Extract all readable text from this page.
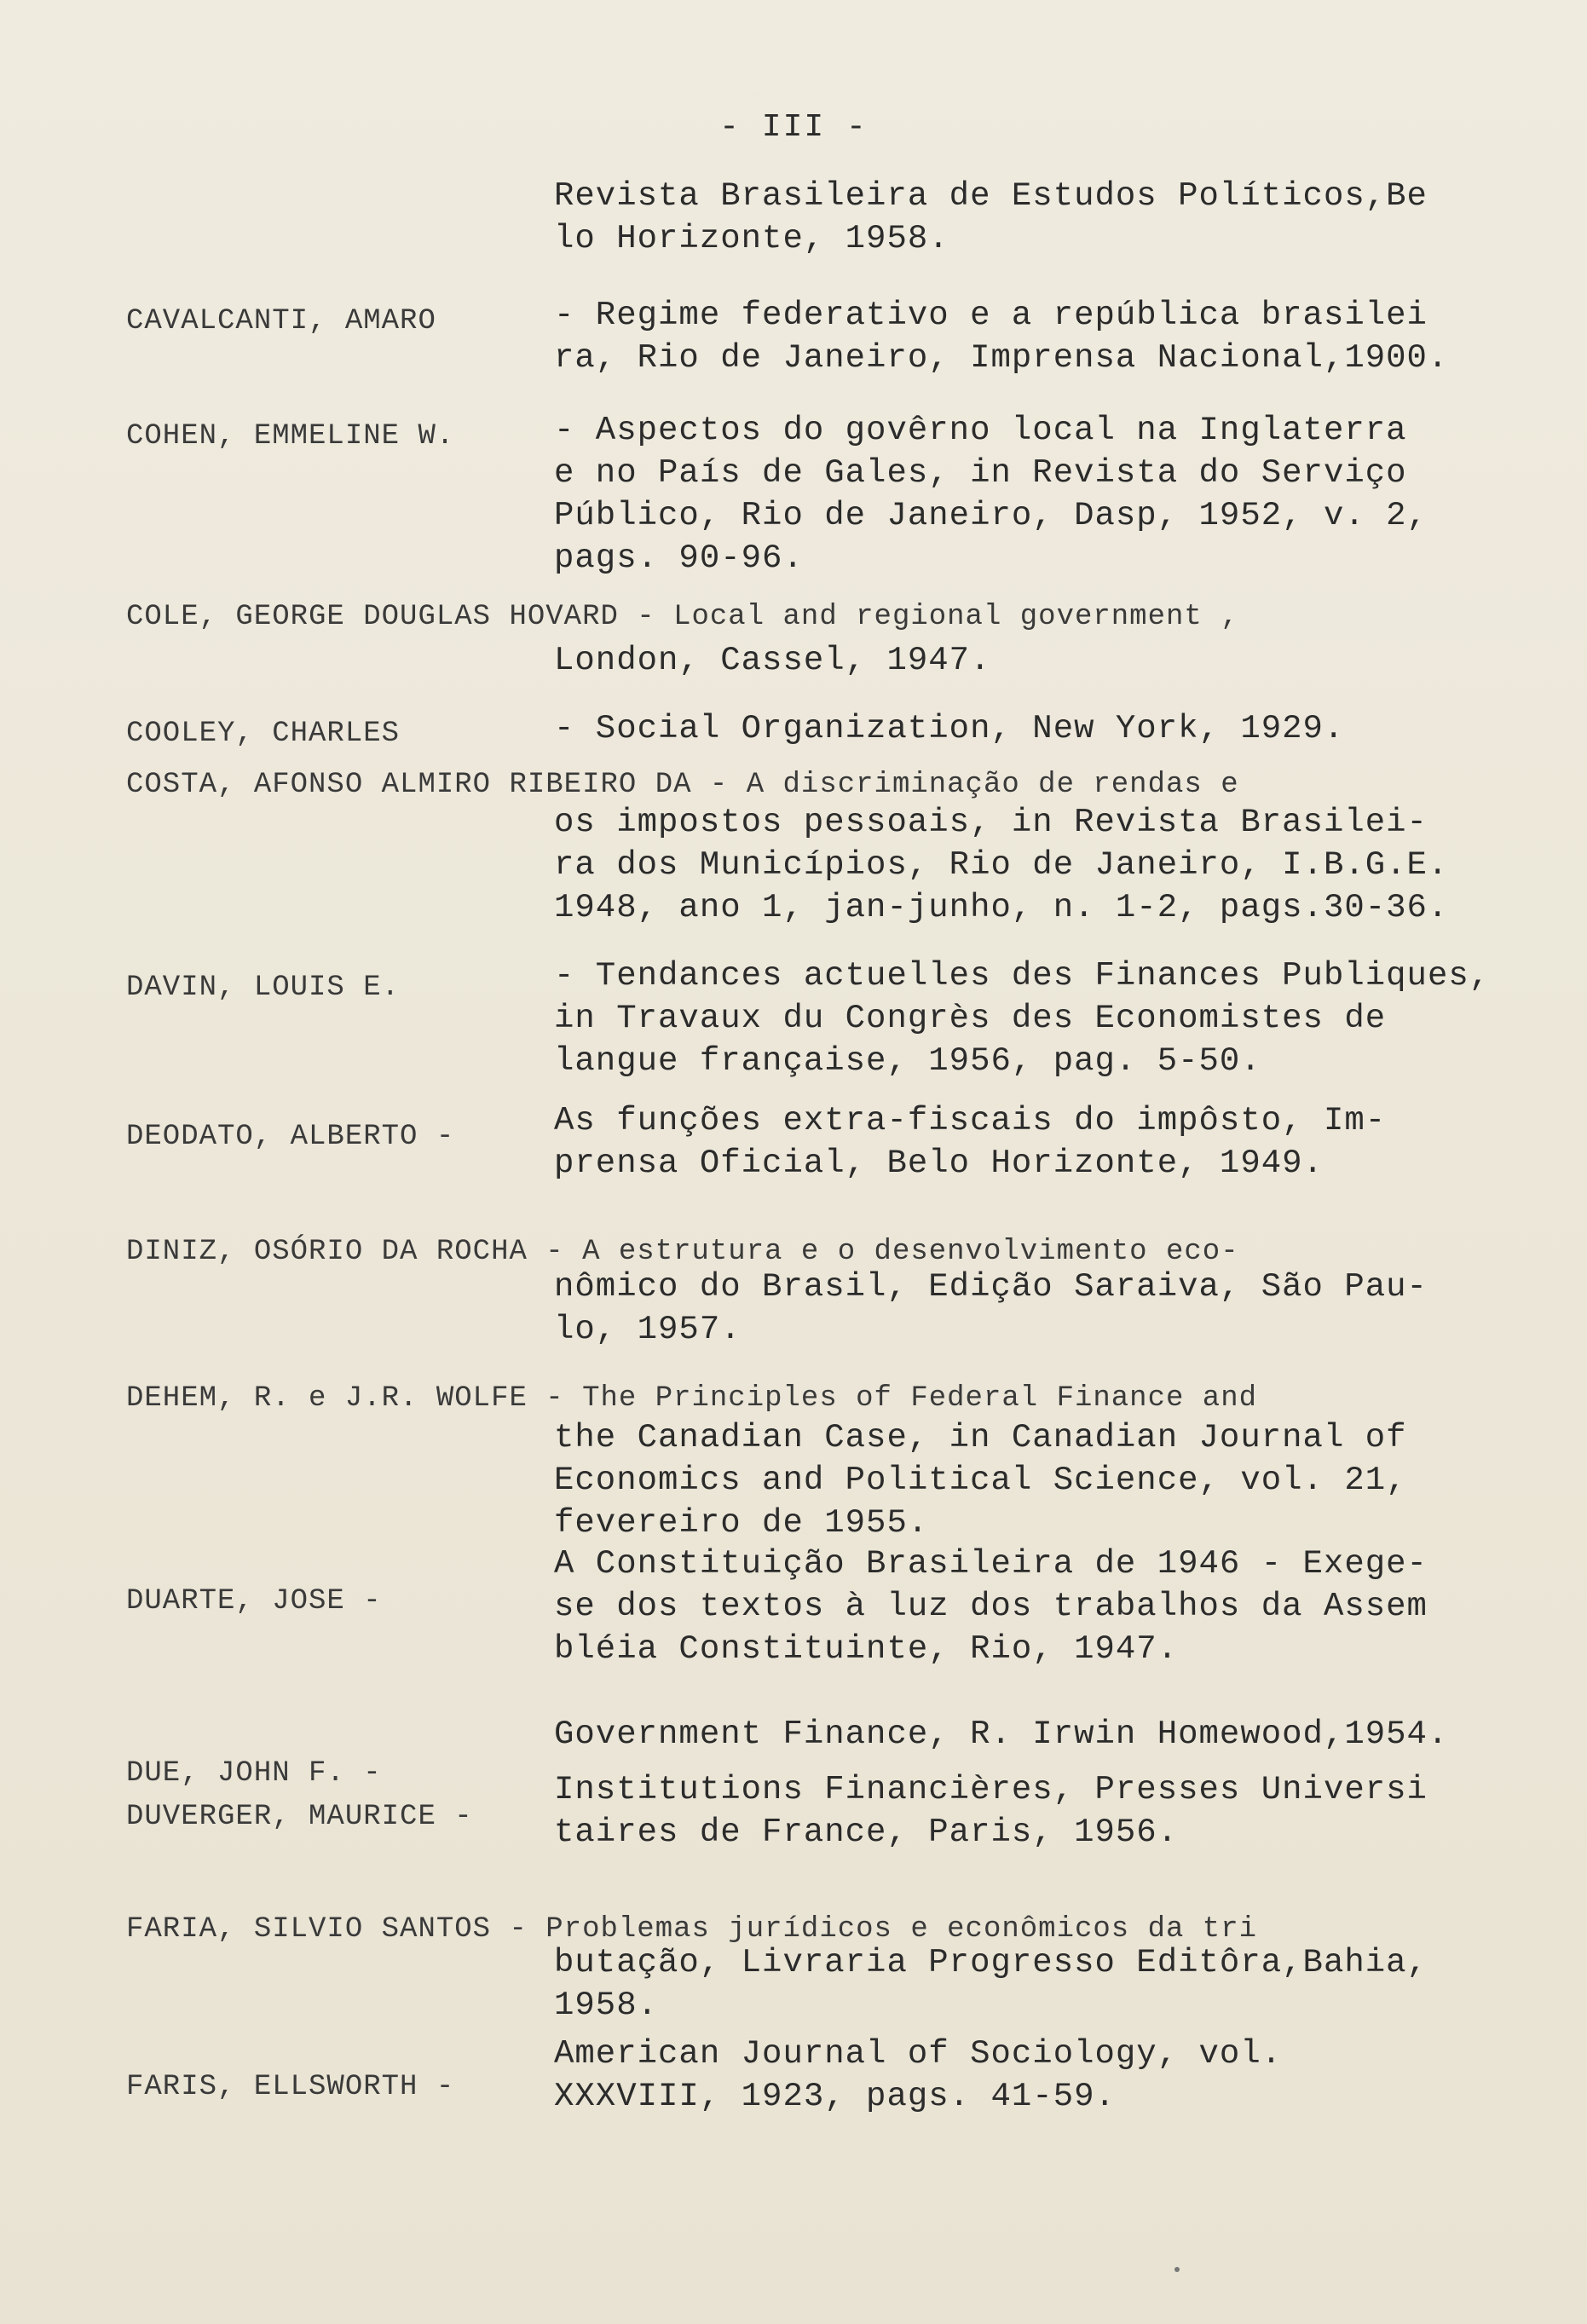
- III -
Revista Brasileira de Estudos Políticos,Be
lo Horizonte, 1958.
CAVALCANTI, AMARO	- Regime federativo e a república brasilei
ra, Rio de Janeiro, Imprensa Nacional,1900.
COHEN, EMMELINE W.	- Aspectos do govêrno local na Inglaterra
e no País de Gales, in Revista do Serviço
Público, Rio de Janeiro, Dasp, 1952, v. 2,
pags. 90-96.
COLE, GEORGE DOUGLAS HOVARD - Local and regional government ,
London, Cassel, 1947.
COOLEY, CHARLES	- Social Organization, New York, 1929.
COSTA, AFONSO ALMIRO RIBEIRO DA - A discriminação de rendas e
os impostos pessoais, in Revista Brasilei-
ra dos Municípios, Rio de Janeiro, I.B.G.E.
1948, ano 1, jan-junho, n. 1-2, pags.30-36.
DAVIN, LOUIS E.	- Tendances actuelles des Finances Publiques,
in Travaux du Congrès des Economistes de
langue française, 1956, pag. 5-50.
DEODATO, ALBERTO -	As funções extra-fiscais do impôsto, Im-
prensa Oficial, Belo Horizonte, 1949.
DINIZ, OSÓRIO DA ROCHA - A estrutura e o desenvolvimento eco-
nômico do Brasil, Edição Saraiva, São Pau-
lo, 1957.
DEHEM, R. e J.R. WOLFE - The Principles of Federal Finance and
the Canadian Case, in Canadian Journal of
Economics and Political Science, vol. 21,
fevereiro de 1955.
DUARTE, JOSE -
A Constituição Brasileira de 1946 - Exege-
se dos textos à luz dos trabalhos da Assem
bléia Constituinte, Rio, 1947.
DUE, JOHN F. -
Government Finance, R. Irwin Homewood,1954.
DUVERGER, MAURICE -
Institutions Financières, Presses Universi
taires de France, Paris, 1956.
FARIA, SILVIO SANTOS - Problemas jurídicos e econômicos da tri
butação, Livraria Progresso Editôra,Bahia,
1958.
FARIS, ELLSWORTH -
American Journal of Sociology, vol.
XXXVIII, 1923, pags. 41-59.
